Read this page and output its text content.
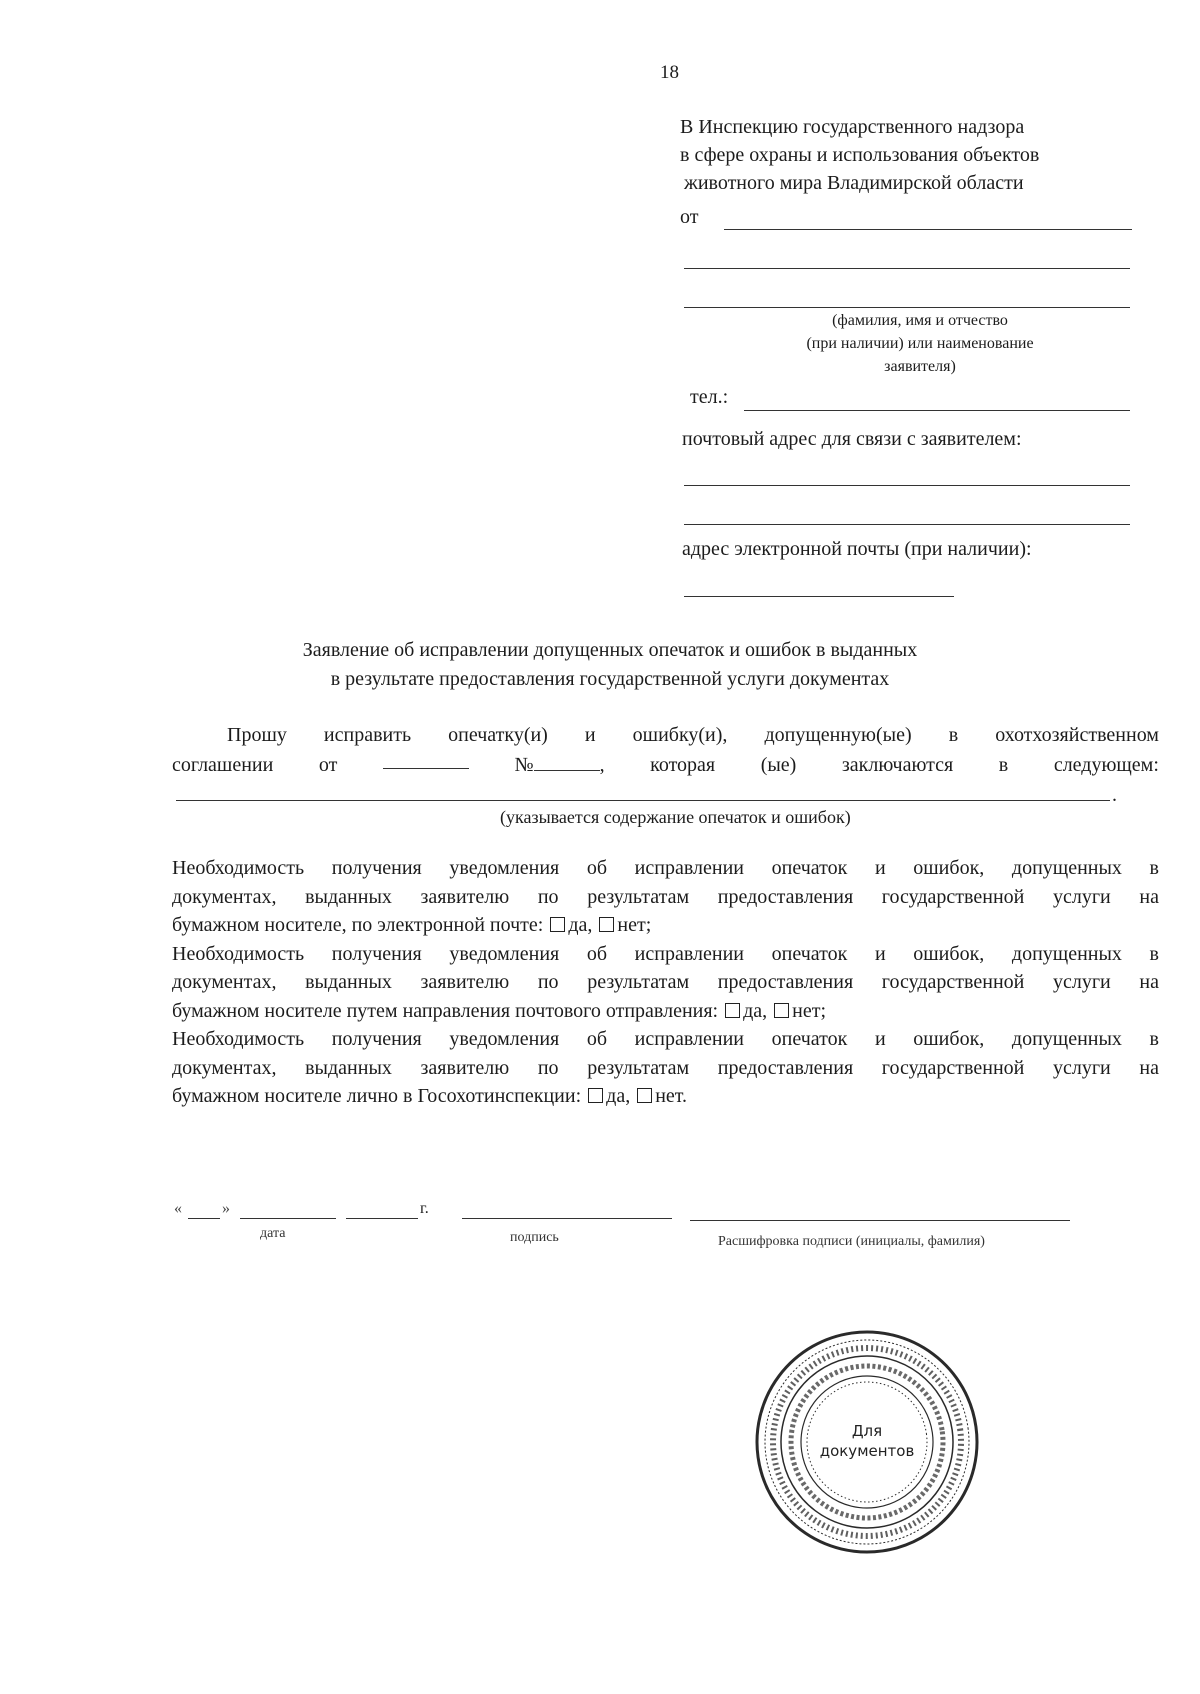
18
В Инспекцию государственного надзора
в сфере охраны и использования объектов
животного мира Владимирской области
от
(фамилия, имя и отчество
(при наличии) или наименование
заявителя)
тел.:
почтовый адрес для связи с заявителем:
адрес электронной почты (при наличии):
Заявление об исправлении допущенных опечаток и ошибок в выданных
в результате предоставления государственной услуги документах
Прошу исправить опечатку(и) и ошибку(и), допущенную(ые) в охотхозяйственном
соглашении от	№	, которая (ые) заключаются в следующем:
.
(указывается содержание опечаток и ошибок)
Необходимость получения уведомления об исправлении опечаток и ошибок, допущенных в
документах, выданных заявителю по результатам предоставления государственной услуги на
бумажном носителе, по электронной почте: да, нет;
Необходимость получения уведомления об исправлении опечаток и ошибок, допущенных в
документах, выданных заявителю по результатам предоставления государственной услуги на
бумажном носителе путем направления почтового отправления: да, нет;
Необходимость получения уведомления об исправлении опечаток и ошибок, допущенных в
документах, выданных заявителю по результатам предоставления государственной услуги на
бумажном носителе лично в Госохотинспекции: да, нет.
«	»	г.
дата	подпись	Расшифровка подписи (инициалы, фамилия)
Для
документов
